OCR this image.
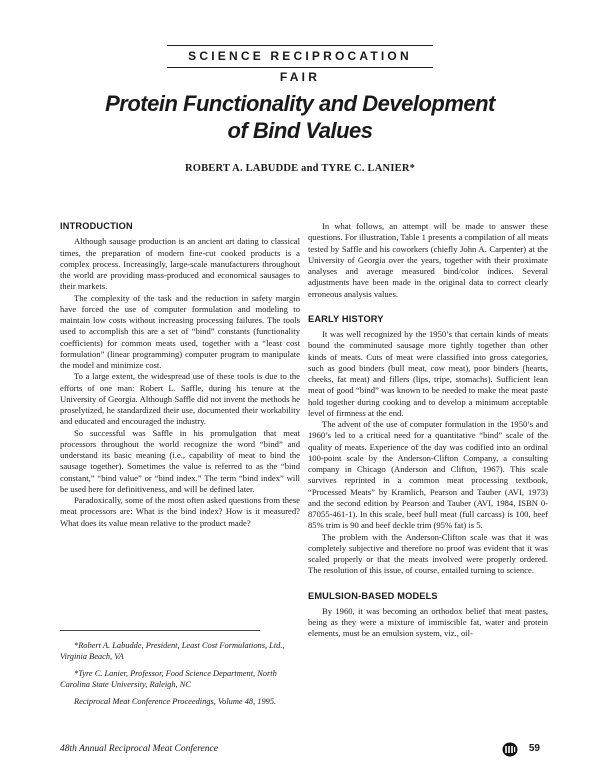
SCIENCE RECIPROCATION FAIR
Protein Functionality and Development
of Bind Values
ROBERT A. LABUDDE and TYRE C. LANIER*
INTRODUCTION

Although sausage production is an ancient art dating to classical times, the preparation of modern fine-cut cooked products is a complex process. Increasingly, large-scale manufacturers throughout the world are providing mass-produced and economical sausages to their markets.

The complexity of the task and the reduction in safety margin have forced the use of computer formulation and modeling to maintain low costs without increasing processing failures. The tools used to accomplish this are a set of “bind” constants (functionality coefficients) for common meats used, together with a “least cost formulation” (linear programming) computer program to manipulate the model and minimize cost.

To a large extent, the widespread use of these tools is due to the efforts of one man: Robert L. Saffle, during his tenure at the University of Georgia. Although Saffle did not invent the methods he proselytized, he standardized their use, documented their workability and educated and encouraged the industry.

So successful was Saffle in his promulgation that meat processors throughout the world recognize the word “bind” and understand its basic meaning (i.e., capability of meat to bind the sausage together). Sometimes the value is referred to as the “bind constant,” “bind value” or “bind index.” The term “bind index” will be used here for definitiveness, and will be defined later.

Paradoxically, some of the most often asked questions from these meat processors are: What is the bind index? How is it measured? What does its value mean relative to the product made?

*Robert A. Labudde, President, Least Cost Formulations, Ltd., Virginia Beach, VA

*Tyre C. Lanier, Professor, Food Science Department, North Carolina State University, Raleigh, NC

Reciprocal Meat Conference Proceedings, Volume 48, 1995.

In what follows, an attempt will be made to answer these questions. For illustration, Table 1 presents a compilation of all meats tested by Saffle and his coworkers (chiefly John A. Carpenter) at the University of Georgia over the years, together with their proximate analyses and average measured bind/color indices. Several adjustments have been made in the original data to correct clearly erroneous analysis values.

EARLY HISTORY

It was well recognized by the 1950’s that certain kinds of meats bound the comminuted sausage more tightly together than other kinds of meats. Cuts of meat were classified into gross categories, such as good binders (bull meat, cow meat), poor binders (hearts, cheeks, fat meat) and fillers (lips, tripe, stomachs). Sufficient lean meat of good “bind” was known to be needed to make the meat paste hold together during cooking and to develop a minimum acceptable level of firmness at the end.

The advent of the use of computer formulation in the 1950’s and 1960’s led to a critical need for a quantitative “bind” scale of the quality of meats. Experience of the day was codified into an ordinal 100-point scale by the Anderson-Clifton Company, a consulting company in Chicago (Anderson and Clifton, 1967). This scale survives reprinted in a common meat processing textbook, “Processed Meats” by Kramlich, Pearson and Tauber (AVI, 1973) and the second edition by Pearson and Tauber (AVI, 1984, ISBN 0-87055-461-1). In this scale, beef bull meat (full carcass) is 100, beef 85% trim is 90 and beef deckle trim (95% fat) is 5.

The problem with the Anderson-Clifton scale was that it was completely subjective and therefore no proof was evident that it was scaled properly or that the meats involved were properly ordered. The resolution of this issue, of course, entailed turning to science.

EMULSION-BASED MODELS

By 1960, it was becoming an orthodox belief that meat pastes, being as they were a mixture of immiscible fat, water and protein elements, must be an emulsion system, viz., oil-

48th Annual Reciprocal Meat Conference	59
